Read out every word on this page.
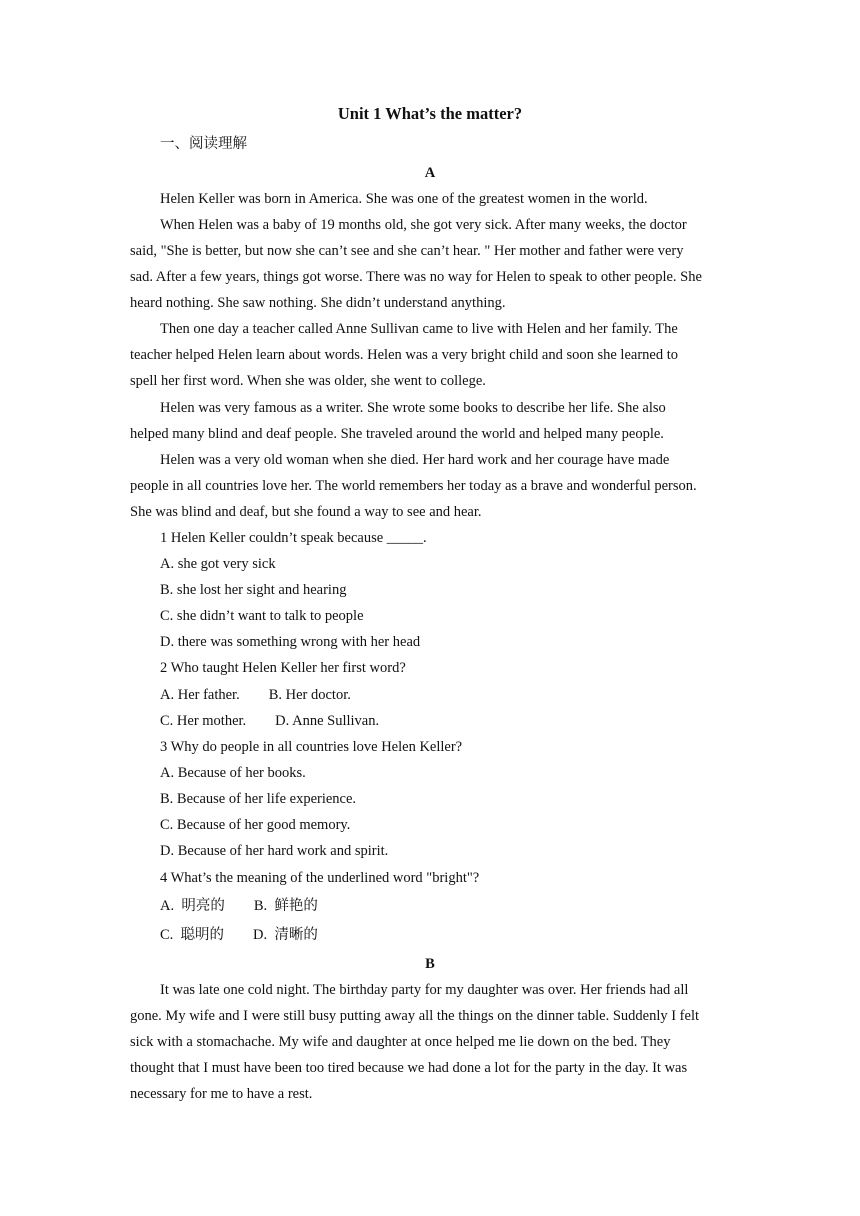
Unit 1 What’s the matter?
一、阅读理解
A
Helen Keller was born in America. She was one of the greatest women in the world.
When Helen was a baby of 19 months old, she got very sick. After many weeks, the doctor
said, "She is better, but now she can’t see and she can’t hear. " Her mother and father were very
sad. After a few years, things got worse. There was no way for Helen to speak to other people. She
heard nothing. She saw nothing. She didn’t understand anything.
Then one day a teacher called Anne Sullivan came to live with Helen and her family. The
teacher helped Helen learn about words. Helen was a very bright child and soon she learned to
spell her first word. When she was older, she went to college.
Helen was very famous as a writer. She wrote some books to describe her life. She also
helped many blind and deaf people. She traveled around the world and helped many people.
Helen was a very old woman when she died. Her hard work and her courage have made
people in all countries love her. The world remembers her today as a brave and wonderful person.
She was blind and deaf, but she found a way to see and hear.
1 Helen Keller couldn’t speak because _____.
A. she got very sick
B. she lost her sight and hearing
C. she didn’t want to talk to people
D. there was something wrong with her head
2 Who taught Helen Keller her first word?
A. Her father.        B. Her doctor.
C. Her mother.        D. Anne Sullivan.
3 Why do people in all countries love Helen Keller?
A. Because of her books.
B. Because of her life experience.
C. Because of her good memory.
D. Because of her hard work and spirit.
4 What’s the meaning of the underlined word "bright"?
A.  明亮的        B.  鲜艳的
C.  聪明的        D.  清晰的
B
It was late one cold night. The birthday party for my daughter was over. Her friends had all
gone. My wife and I were still busy putting away all the things on the dinner table. Suddenly I felt
sick with a stomachache. My wife and daughter at once helped me lie down on the bed. They
thought that I must have been too tired because we had done a lot for the party in the day. It was
necessary for me to have a rest.
